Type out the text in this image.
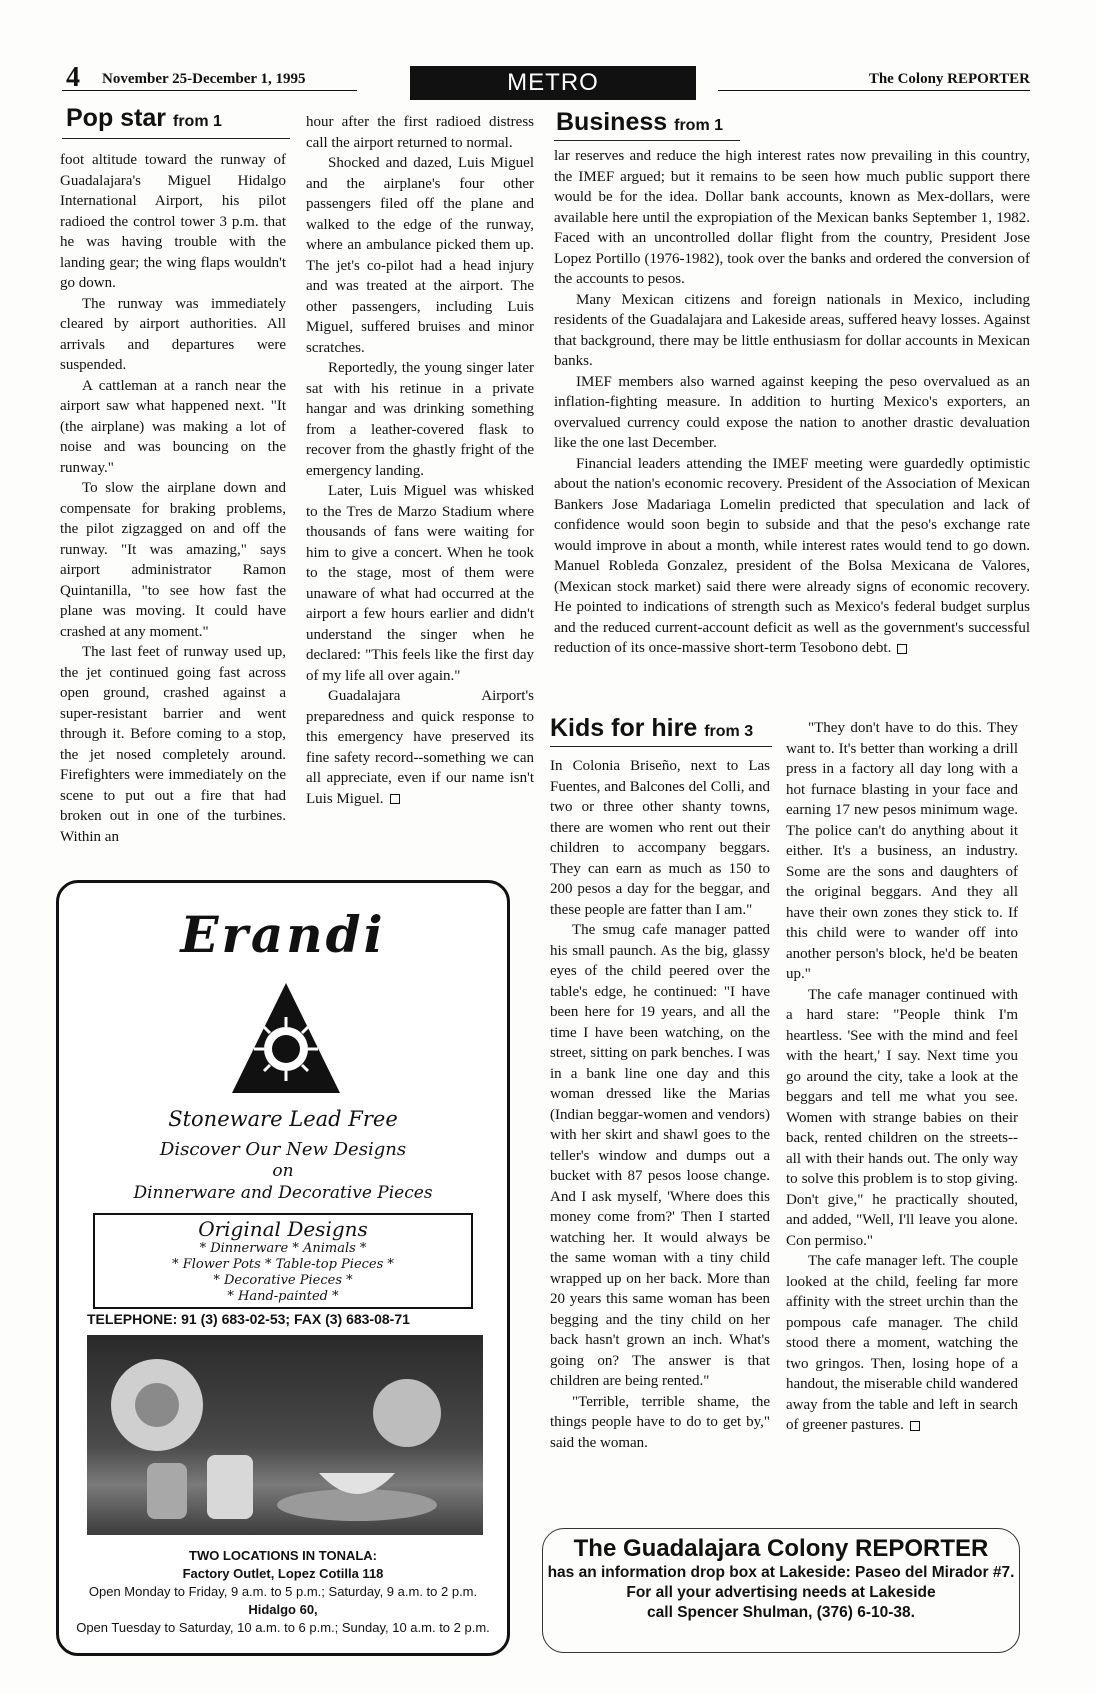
4 November 25-December 1, 1995	METRO	The Colony REPORTER
Pop star from 1

foot altitude toward the runway of Guadalajara's Miguel Hidalgo International Airport, his pilot radioed the control tower 3 p.m. that he was having trouble with the landing gear; the wing flaps wouldn't go down.

The runway was immediately cleared by airport authorities. All arrivals and departures were suspended.

A cattleman at a ranch near the airport saw what happened next. "It (the airplane) was making a lot of noise and was bouncing on the runway."

To slow the airplane down and compensate for braking problems, the pilot zigzagged on and off the runway. "It was amazing," says airport administrator Ramon Quintanilla, "to see how fast the plane was moving. It could have crashed at any moment."

The last feet of runway used up, the jet continued going fast across open ground, crashed against a super-resistant barrier and went through it. Before coming to a stop, the jet nosed completely around. Firefighters were immediately on the scene to put out a fire that had broken out in one of the turbines. Within an

hour after the first radioed distress call the airport returned to normal.

Shocked and dazed, Luis Miguel and the airplane's four other passengers filed off the plane and walked to the edge of the runway, where an ambulance picked them up. The jet's co-pilot had a head injury and was treated at the airport. The other passengers, including Luis Miguel, suffered bruises and minor scratches.

Reportedly, the young singer later sat with his retinue in a private hangar and was drinking something from a leather-covered flask to recover from the ghastly fright of the emergency landing.

Later, Luis Miguel was whisked to the Tres de Marzo Stadium where thousands of fans were waiting for him to give a concert. When he took to the stage, most of them were unaware of what had occurred at the airport a few hours earlier and didn't understand the singer when he declared: "This feels like the first day of my life all over again."

Guadalajara Airport's preparedness and quick response to this emergency have preserved its fine safety record--something we can all appreciate, even if our name isn't Luis Miguel.

Business from 1

lar reserves and reduce the high interest rates now prevailing in this country, the IMEF argued; but it remains to be seen how much public support there would be for the idea. Dollar bank accounts, known as Mex-dollars, were available here until the expropiation of the Mexican banks September 1, 1982. Faced with an uncontrolled dollar flight from the country, President Jose Lopez Portillo (1976-1982), took over the banks and ordered the conversion of the accounts to pesos.

Many Mexican citizens and foreign nationals in Mexico, including residents of the Guadalajara and Lakeside areas, suffered heavy losses. Against that background, there may be little enthusiasm for dollar accounts in Mexican banks.

IMEF members also warned against keeping the peso overvalued as an inflation-fighting measure. In addition to hurting Mexico's exporters, an overvalued currency could expose the nation to another drastic devaluation like the one last December.

Financial leaders attending the IMEF meeting were guardedly optimistic about the nation's economic recovery. President of the Association of Mexican Bankers Jose Madariaga Lomelin predicted that speculation and lack of confidence would soon begin to subside and that the peso's exchange rate would improve in about a month, while interest rates would tend to go down. Manuel Robleda Gonzalez, president of the Bolsa Mexicana de Valores, (Mexican stock market) said there were already signs of economic recovery. He pointed to indications of strength such as Mexico's federal budget surplus and the reduced current-account deficit as well as the government's successful reduction of its once-massive short-term Tesobono debt.

Erandi
Stoneware Lead Free
Discover Our New Designs
Original Designs
* Dinnerware * Animals *
* Flower Pots * Table-top Pieces *
* Decorative Pieces *
* Hand-painted *
TELEPHONE: 91 (3) 683-02-53; FAX (3) 683-08-71
TWO LOCATIONS IN TONALA:
Factory Outlet, Lopez Cotilla 118
Open Monday to Friday, 9 a.m. to 5 p.m.; Saturday, 9 a.m. to 2 p.m.
Hidalgo 60,
Open Tuesday to Saturday, 10 a.m. to 6 p.m.; Sunday, 10 a.m. to 2 p.m.
on
Dinnerware and Decorative Pieces
Kids for hire from 3

In Colonia Briseño, next to Las Fuentes, and Balcones del Colli, and two or three other shanty towns, there are women who rent out their children to accompany beggars. They can earn as much as 150 to 200 pesos a day for the beggar, and these people are fatter than I am."

The smug cafe manager patted his small paunch. As the big, glassy eyes of the child peered over the table's edge, he continued: "I have been here for 19 years, and all the time I have been watching, on the street, sitting on park benches. I was in a bank line one day and this woman dressed like the Marias (Indian beggar-women and vendors) with her skirt and shawl goes to the teller's window and dumps out a bucket with 87 pesos loose change. And I ask myself, 'Where does this money come from?' Then I started watching her. It would always be the same woman with a tiny child wrapped up on her back. More than 20 years this same woman has been begging and the tiny child on her back hasn't grown an inch. What's going on? The answer is that children are being rented."

"Terrible, terrible shame, the things people have to do to get by," said the woman.

"They don't have to do this. They want to. It's better than working a drill press in a factory all day long with a hot furnace blasting in your face and earning 17 new pesos minimum wage. The police can't do anything about it either. It's a business, an industry. Some are the sons and daughters of the original beggars. And they all have their own zones they stick to. If this child were to wander off into another person's block, he'd be beaten up."

The cafe manager continued with a hard stare: "People think I'm heartless. 'See with the mind and feel with the heart,' I say. Next time you go around the city, take a look at the beggars and tell me what you see. Women with strange babies on their back, rented children on the streets--all with their hands out. The only way to solve this problem is to stop giving. Don't give," he practically shouted, and added, "Well, I'll leave you alone. Con permiso."

The cafe manager left. The couple looked at the child, feeling far more affinity with the street urchin than the pompous cafe manager. The child stood there a moment, watching the two gringos. Then, losing hope of a handout, the miserable child wandered away from the table and left in search of greener pastures.

The Guadalajara Colony REPORTER
has an information drop box at Lakeside: Paseo del Mirador #7.
For all your advertising needs at Lakeside
call Spencer Shulman, (376) 6-10-38.
